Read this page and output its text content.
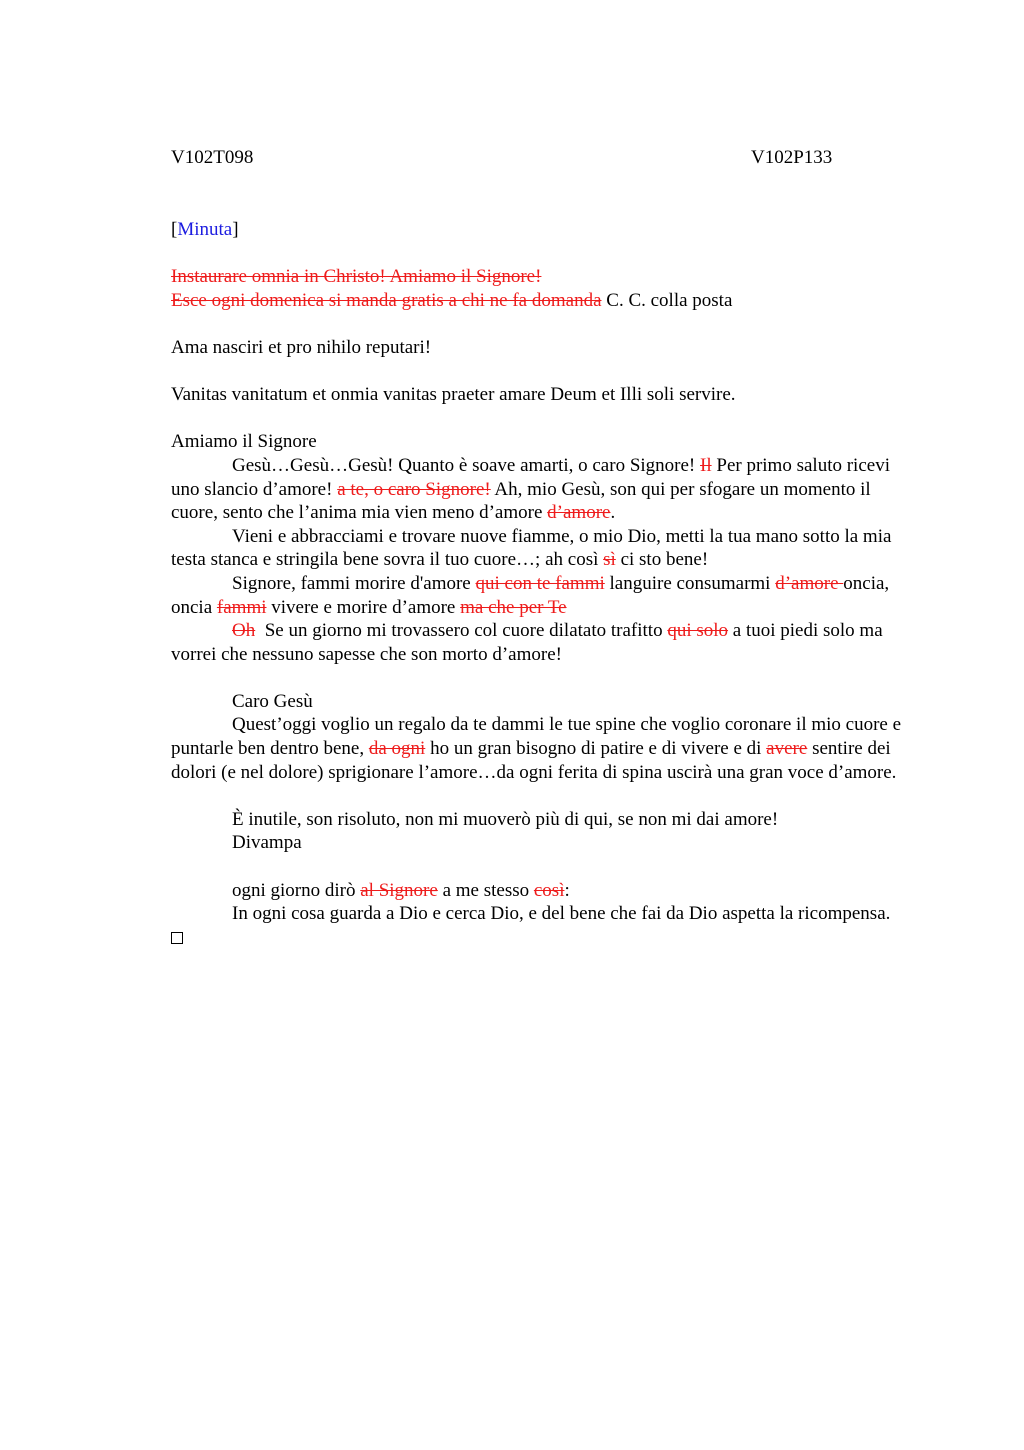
V102T098	V102P133

[Minuta]

Instaurare omnia in Christo! Amiamo il Signore!

Esce ogni domenica si manda gratis a chi ne fa domanda C. C. colla posta

Ama nasciri et pro nihilo reputari!

Vanitas vanitatum et onmia vanitas praeter amare Deum et Illi soli servire.

Amiamo il Signore

Gesù…Gesù…Gesù! Quanto è soave amarti, o caro Signore! Il Per primo saluto ricevi uno slancio d’amore! a te, o caro Signore! Ah, mio Gesù, son qui per sfogare un momento il cuore, sento che l’anima mia vien meno d’amore d’amore.

Vieni e abbracciami e trovare nuove fiamme, o mio Dio, metti la tua mano sotto la mia testa stanca e stringila bene sovra il tuo cuore…; ah così sì ci sto bene!

Signore, fammi morire d'amore qui con te fammi languire consumarmi d’amore oncia, oncia fammi vivere e morire d’amore ma che per Te

Oh  Se un giorno mi trovassero col cuore dilatato trafitto qui solo a tuoi piedi solo ma vorrei che nessuno sapesse che son morto d’amore!

Caro Gesù

Quest’oggi voglio un regalo da te dammi le tue spine che voglio coronare il mio cuore e puntarle ben dentro bene, da ogni ho un gran bisogno di patire e di vivere e di avere sentire dei dolori (e nel dolore) sprigionare l’amore…da ogni ferita di spina uscirà una gran voce d’amore.

È inutile, son risoluto, non mi muoverò più di qui, se non mi dai amore!

Divampa

ogni giorno dirò al Signore a me stesso così:

In ogni cosa guarda a Dio e cerca Dio, e del bene che fai da Dio aspetta la ricompensa.
